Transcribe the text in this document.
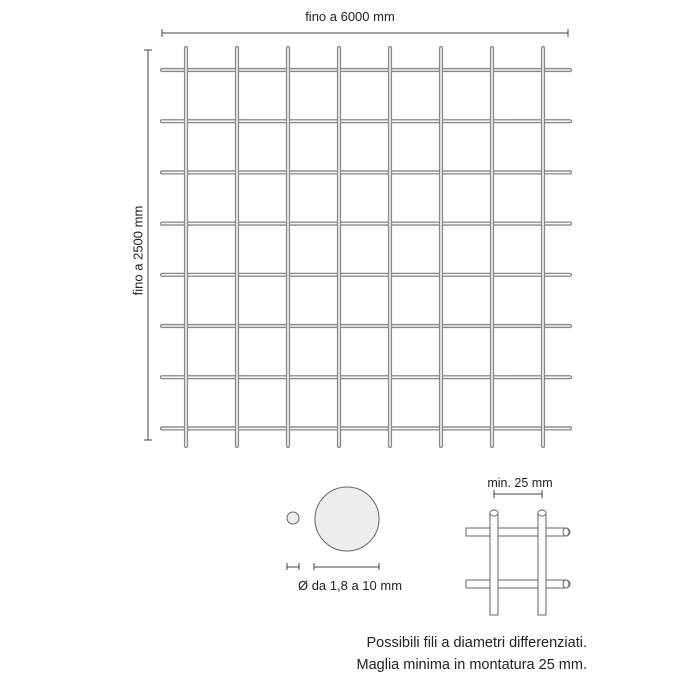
fino a 6000 mm
fino a 2500 mm
Ø da 1,8 a 10 mm
min. 25 mm
Possibili fili a diametri differenziati.
Maglia minima in montatura 25 mm.
